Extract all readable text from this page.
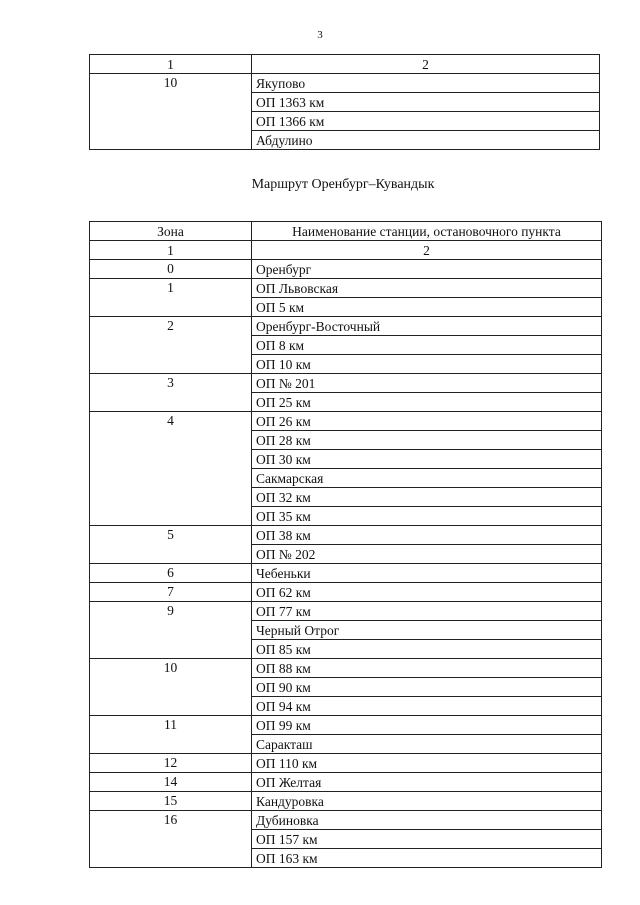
3
1	2
10	Якупово
	ОП 1363 км
	ОП 1366 км
	Абдулино
Маршрут Оренбург–Кувандык
Зона	Наименование станции, остановочного пункта
1	2
0	Оренбург
1	ОП Львовская
	ОП 5 км
2	Оренбург-Восточный
	ОП 8 км
	ОП 10 км
3	ОП № 201
	ОП 25 км
4	ОП 26 км
	ОП 28 км
	ОП 30 км
	Сакмарская
	ОП 32 км
	ОП 35 км
5	ОП 38 км
	ОП № 202
6	Чебеньки
7	ОП 62 км
9	ОП 77 км
	Черный Отрог
	ОП 85 км
10	ОП 88 км
	ОП 90 км
	ОП 94 км
11	ОП 99 км
	Саракташ
12	ОП 110 км
14	ОП Желтая
15	Кандуровка
16	Дубиновка
	ОП 157 км
	ОП 163 км
